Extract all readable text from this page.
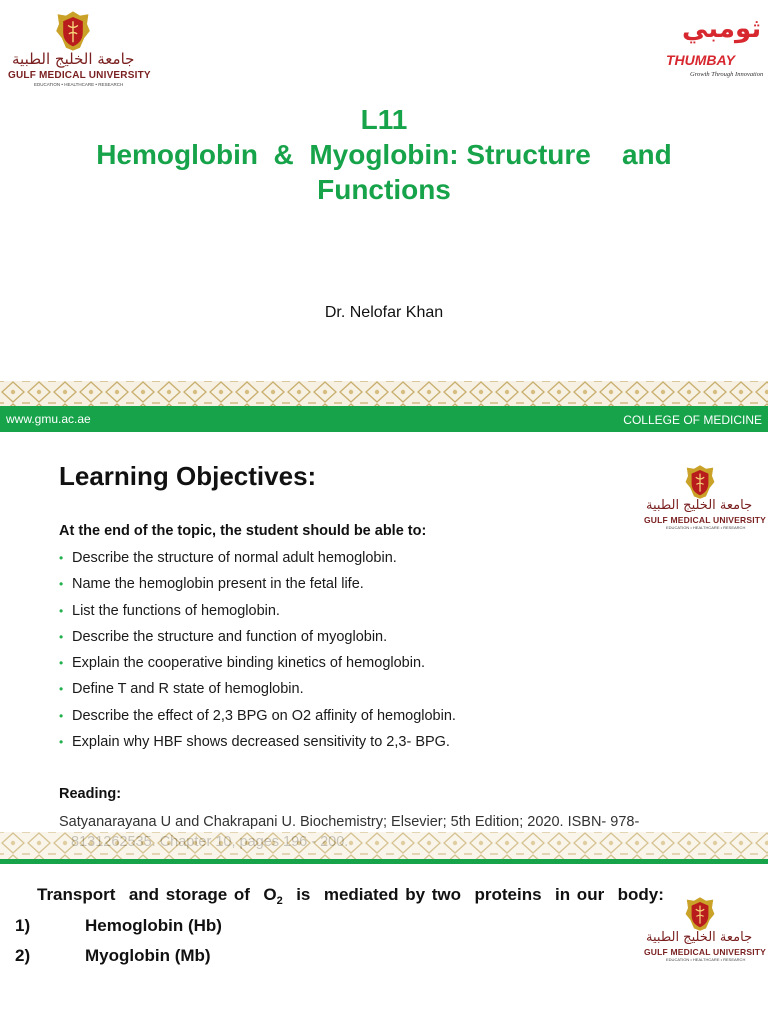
جامعة الخليج الطبية
GULF MEDICAL UNIVERSITY
EDUCATION • HEALTHCARE • RESEARCH
ثومبي
THUMBAY
Growth Through Innovation
L11
Hemoglobin  &  Myoglobin: Structure    and
Functions
Dr. Nelofar Khan
www.gmu.ac.ae	COLLEGE OF MEDICINE
Learning Objectives:
جامعة الخليج الطبية
GULF MEDICAL UNIVERSITY
EDUCATION • HEALTHCARE • RESEARCH
At the end of the topic, the student should be able to:
• Describe the structure of normal adult hemoglobin.
• Name the hemoglobin present in the fetal life.
• List the functions of hemoglobin.
• Describe the structure and function of myoglobin.
• Explain the cooperative binding kinetics of hemoglobin.
• Define T and R state of hemoglobin.
• Describe the effect of 2,3 BPG on O2 affinity of hemoglobin.
• Explain why HBF shows decreased sensitivity to 2,3- BPG.
Reading:
Satyanarayana U and Chakrapani U. Biochemistry; Elsevier; 5th Edition; 2020. ISBN- 978-
Transport  and storage of  $O_2$  is  mediated by two  proteins  in our  body:
1)	Hemoglobin (Hb)
2)	Myoglobin (Mb)
جامعة الخليج الطبية
GULF MEDICAL UNIVERSITY
EDUCATION • HEALTHCARE • RESEARCH
